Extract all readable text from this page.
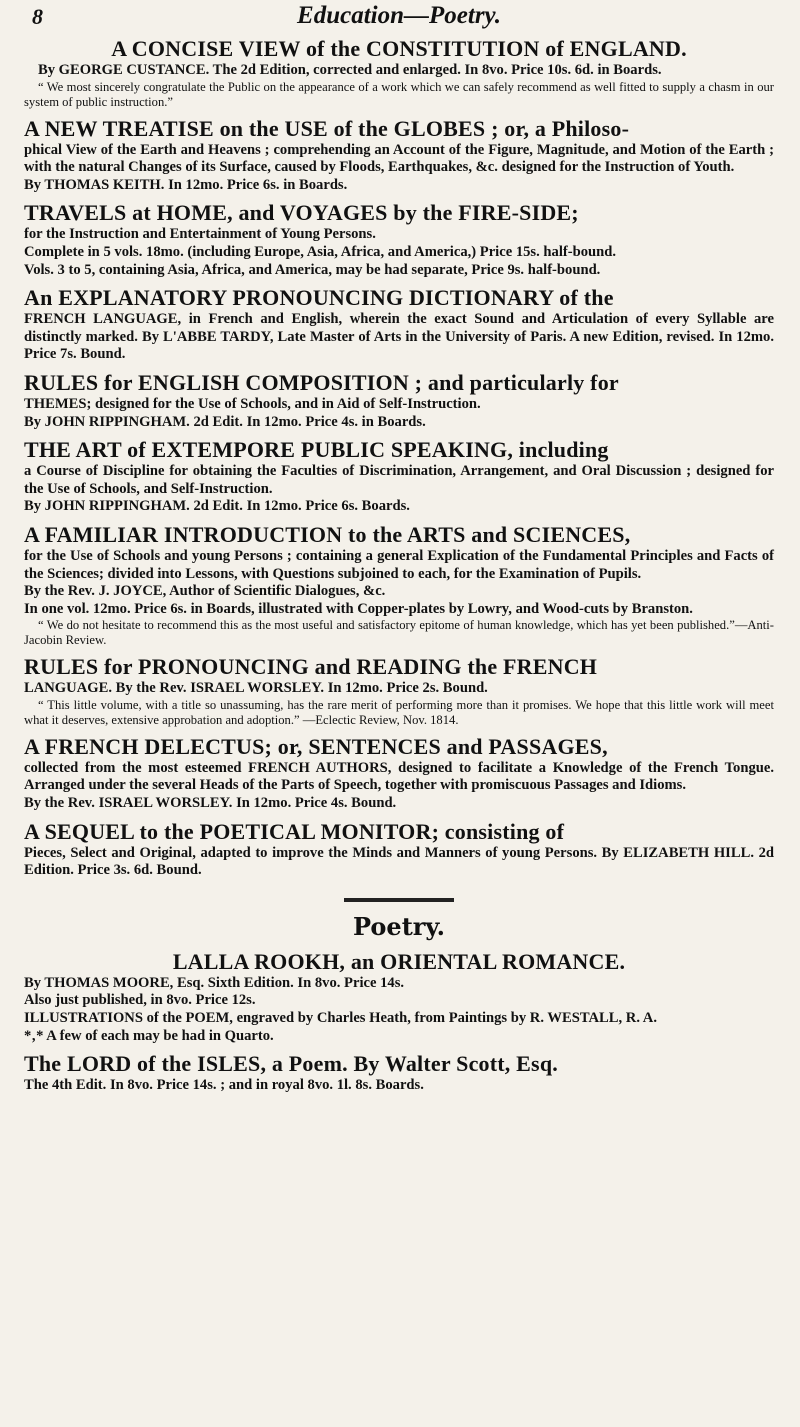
8	Education—Poetry.
A CONCISE VIEW of the CONSTITUTION of ENGLAND.
By GEORGE CUSTANCE. The 2d Edition, corrected and enlarged. In 8vo. Price 10s. 6d. in Boards.
“ We most sincerely congratulate the Public on the appearance of a work which we can safely recommend as well fitted to supply a chasm in our system of public instruction.”
A NEW TREATISE on the USE of the GLOBES ; or, a Philoso-
phical View of the Earth and Heavens ; comprehending an Account of the Figure, Magnitude, and Motion of the Earth ; with the natural Changes of its Surface, caused by Floods, Earthquakes, &c. designed for the Instruction of Youth.
By THOMAS KEITH. In 12mo. Price 6s. in Boards.
TRAVELS at HOME, and VOYAGES by the FIRE-SIDE;
for the Instruction and Entertainment of Young Persons.
Complete in 5 vols. 18mo. (including Europe, Asia, Africa, and America,) Price 15s. half-bound.
Vols. 3 to 5, containing Asia, Africa, and America, may be had separate, Price 9s. half-bound.
An EXPLANATORY PRONOUNCING DICTIONARY of the
FRENCH LANGUAGE, in French and English, wherein the exact Sound and Articulation of every Syllable are distinctly marked. By L'ABBE TARDY, Late Master of Arts in the University of Paris. A new Edition, revised. In 12mo. Price 7s. Bound.
RULES for ENGLISH COMPOSITION ; and particularly for
THEMES; designed for the Use of Schools, and in Aid of Self-Instruction.
By JOHN RIPPINGHAM. 2d Edit. In 12mo. Price 4s. in Boards.
THE ART of EXTEMPORE PUBLIC SPEAKING, including
a Course of Discipline for obtaining the Faculties of Discrimination, Arrangement, and Oral Discussion ; designed for the Use of Schools, and Self-Instruction.
By JOHN RIPPINGHAM. 2d Edit. In 12mo. Price 6s. Boards.
A FAMILIAR INTRODUCTION to the ARTS and SCIENCES,
for the Use of Schools and young Persons ; containing a general Explication of the Fundamental Principles and Facts of the Sciences; divided into Lessons, with Questions subjoined to each, for the Examination of Pupils.
By the Rev. J. JOYCE, Author of Scientific Dialogues, &c.
In one vol. 12mo. Price 6s. in Boards, illustrated with Copper-plates by Lowry, and Wood-cuts by Branston.
“ We do not hesitate to recommend this as the most useful and satisfactory epitome of human knowledge, which has yet been published.”—Anti-Jacobin Review.
RULES for PRONOUNCING and READING the FRENCH
LANGUAGE. By the Rev. ISRAEL WORSLEY. In 12mo. Price 2s. Bound.
“ This little volume, with a title so unassuming, has the rare merit of performing more than it promises. We hope that this little work will meet what it deserves, extensive approbation and adoption.” —Eclectic Review, Nov. 1814.
A FRENCH DELECTUS; or, SENTENCES and PASSAGES,
collected from the most esteemed FRENCH AUTHORS, designed to facilitate a Knowledge of the French Tongue. Arranged under the several Heads of the Parts of Speech, together with promiscuous Passages and Idioms.
By the Rev. ISRAEL WORSLEY. In 12mo. Price 4s. Bound.
A SEQUEL to the POETICAL MONITOR; consisting of
Pieces, Select and Original, adapted to improve the Minds and Manners of young Persons. By ELIZABETH HILL. 2d Edition. Price 3s. 6d. Bound.
Poetry.
LALLA ROOKH, an ORIENTAL ROMANCE.
By THOMAS MOORE, Esq. Sixth Edition. In 8vo. Price 14s.
Also just published, in 8vo. Price 12s.
ILLUSTRATIONS of the POEM, engraved by Charles Heath, from Paintings by R. WESTALL, R. A.
*‚* A few of each may be had in Quarto.
The LORD of the ISLES, a Poem. By Walter Scott, Esq.
The 4th Edit. In 8vo. Price 14s. ; and in royal 8vo. 1l. 8s. Boards.
